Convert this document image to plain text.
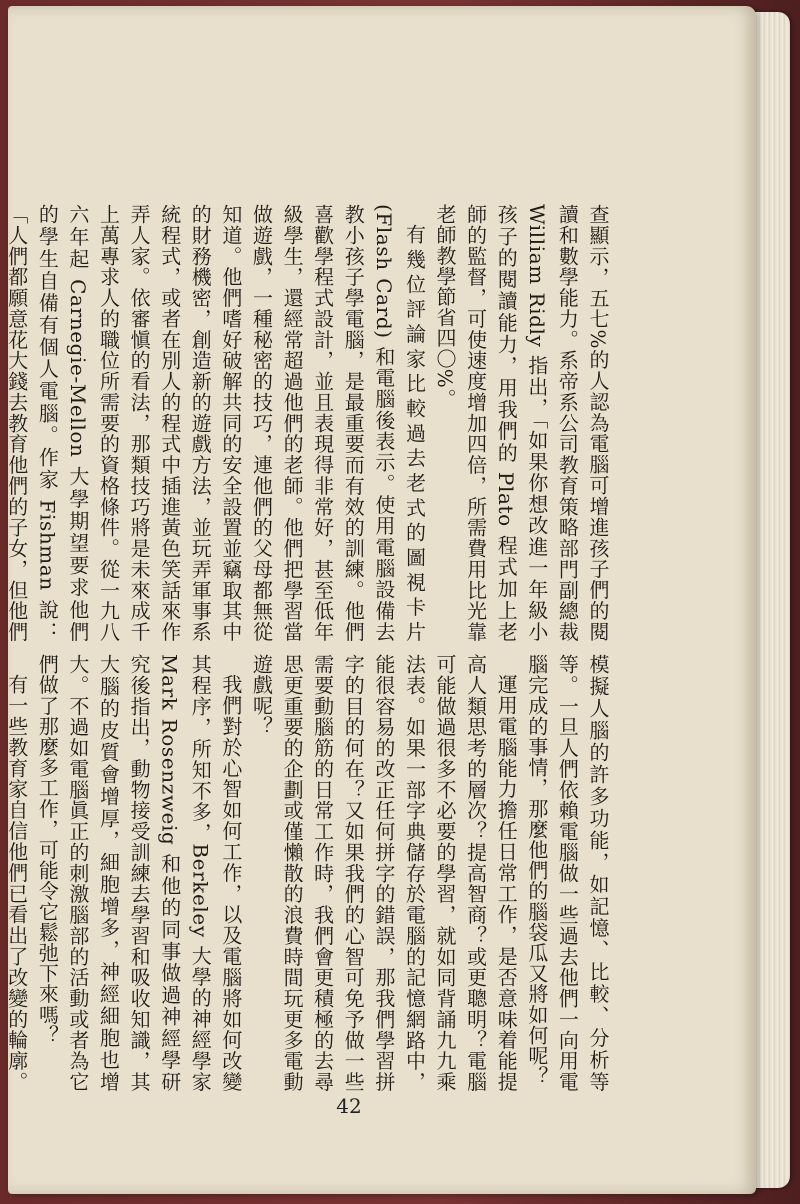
查顯示，五七%的人認為電腦可增進孩子們的閱讀和數學能力。系帝系公司教育策略部門副總裁 William Ridly 指出，「如果你想改進一年級小孩子的閱讀能力，用我們的 Plato 程式加上老師的監督，可使速度增加四倍，所需費用比光靠老師教學節省四〇%。

有幾位評論家比較過去老式的圖視卡片 (Flash Card) 和電腦後表示。使用電腦設備去教小孩子學電腦，是最重要而有效的訓練。他們喜歡學程式設計，並且表現得非常好，甚至低年級學生，還經常超過他們的老師。他們把學習當做遊戲，一種秘密的技巧，連他們的父母都無從知道。他們嗜好破解共同的安全設置並竊取其中的財務機密，創造新的遊戲方法，並玩弄軍事系統程式，或者在別人的程式中插進黃色笑話來作弄人家。依審愼的看法，那類技巧將是未來成千上萬專求人的職位所需要的資格條件。從一九八六年起 Carnegie-Mellon 大學期望要求他們的學生自備有個人電腦。作家 Fishman 說：「人們都願意花大錢去教育他們的子女，但他們

模擬人腦的許多功能，如記憶、比較、分析等等。一旦人們依賴電腦做一些過去他們一向用電腦完成的事情，那麼他們的腦袋瓜又將如何呢？

運用電腦能力擔任日常工作，是否意味着能提高人類思考的層次？提高智商？或更聰明？電腦可能做過很多不必要的學習，就如同背誦九九乘法表。如果一部字典儲存於電腦的記憶網路中，能很容易的改正任何拼字的錯誤，那我們學習拼字的目的何在？又如果我們的心智可免予做一些需要動腦筋的日常工作時，我們會更積極的去尋思更重要的企劃或僅懶散的浪費時間玩更多電動遊戲呢？

我們對於心智如何工作，以及電腦將如何改變其程序，所知不多，Berkeley 大學的神經學家 Mark Rosenzweig 和他的同事做過神經學研究後指出，動物接受訓練去學習和吸收知識，其大腦的皮質會增厚，細胞增多，神經細胞也增大。不過如電腦眞正的刺激腦部的活動或者為它們做了那麼多工作，可能令它鬆弛下來嗎？

有一些教育家自信他們已看出了改變的輪廓。

42
